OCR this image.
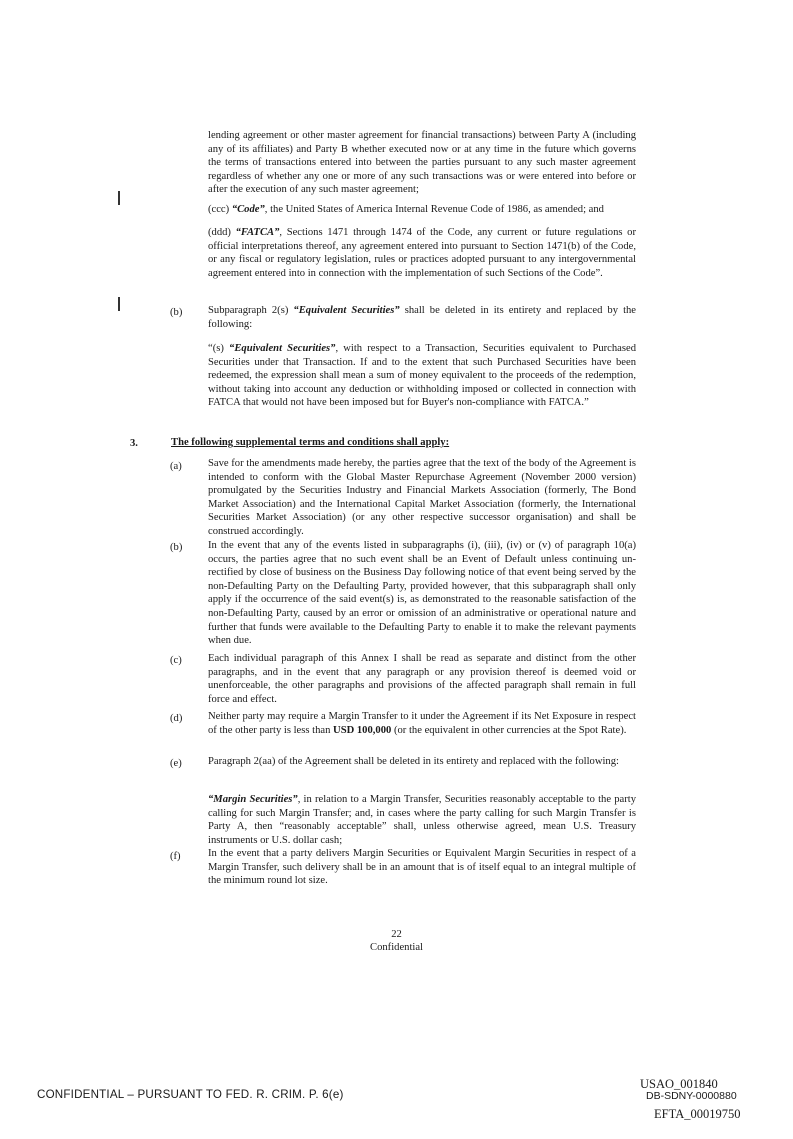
lending agreement or other master agreement for financial transactions) between Party A (including any of its affiliates) and Party B whether executed now or at any time in the future which governs the terms of transactions entered into between the parties pursuant to any such master agreement regardless of whether any one or more of any such transactions was or were entered into before or after the execution of any such master agreement;

(ccc) “Code”, the United States of America Internal Revenue Code of 1986, as amended; and

(ddd) “FATCA”, Sections 1471 through 1474 of the Code, any current or future regulations or official interpretations thereof, any agreement entered into pursuant to Section 1471(b) of the Code, or any fiscal or regulatory legislation, rules or practices adopted pursuant to any intergovernmental agreement entered into in connection with the implementation of such Sections of the Code”.

(b) Subparagraph 2(s) “Equivalent Securities” shall be deleted in its entirety and replaced by the following:

“(s) “Equivalent Securities”, with respect to a Transaction, Securities equivalent to Purchased Securities under that Transaction. If and to the extent that such Purchased Securities have been redeemed, the expression shall mean a sum of money equivalent to the proceeds of the redemption, without taking into account any deduction or withholding imposed or collected in connection with FATCA that would not have been imposed but for Buyer's non-compliance with FATCA.”

3.	The following supplemental terms and conditions shall apply:
(a) Save for the amendments made hereby, the parties agree that the text of the body of the Agreement is intended to conform with the Global Master Repurchase Agreement (November 2000 version) promulgated by the Securities Industry and Financial Markets Association (formerly, The Bond Market Association) and the International Capital Market Association (formerly, the International Securities Market Association) (or any other respective successor organisation) and shall be construed accordingly.

(b) In the event that any of the events listed in subparagraphs (i), (iii), (iv) or (v) of paragraph 10(a) occurs, the parties agree that no such event shall be an Event of Default unless continuing un-rectified by close of business on the Business Day following notice of that event being served by the non-Defaulting Party on the Defaulting Party, provided however, that this subparagraph shall only apply if the occurrence of the said event(s) is, as demonstrated to the reasonable satisfaction of the non-Defaulting Party, caused by an error or omission of an administrative or operational nature and further that funds were available to the Defaulting Party to enable it to make the relevant payments when due.

(c) Each individual paragraph of this Annex I shall be read as separate and distinct from the other paragraphs, and in the event that any paragraph or any provision thereof is deemed void or unenforceable, the other paragraphs and provisions of the affected paragraph shall remain in full force and effect.

(d) Neither party may require a Margin Transfer to it under the Agreement if its Net Exposure in respect of the other party is less than USD 100,000 (or the equivalent in other currencies at the Spot Rate).

(e) Paragraph 2(aa) of the Agreement shall be deleted in its entirety and replaced with the following:

“Margin Securities”, in relation to a Margin Transfer, Securities reasonably acceptable to the party calling for such Margin Transfer; and, in cases where the party calling for such Margin Transfer is Party A, then “reasonably acceptable” shall, unless otherwise agreed, mean U.S. Treasury instruments or U.S. dollar cash;

(f)	In the event that a party delivers Margin Securities or Equivalent Margin Securities in respect of a Margin Transfer, such delivery shall be in an amount that is of itself equal to an integral multiple of the minimum round lot size.

22
Confidential
CONFIDENTIAL – PURSUANT TO FED. R. CRIM. P. 6(e)
USAO_001840
DB-SDNY-0000880
EFTA_00019750
